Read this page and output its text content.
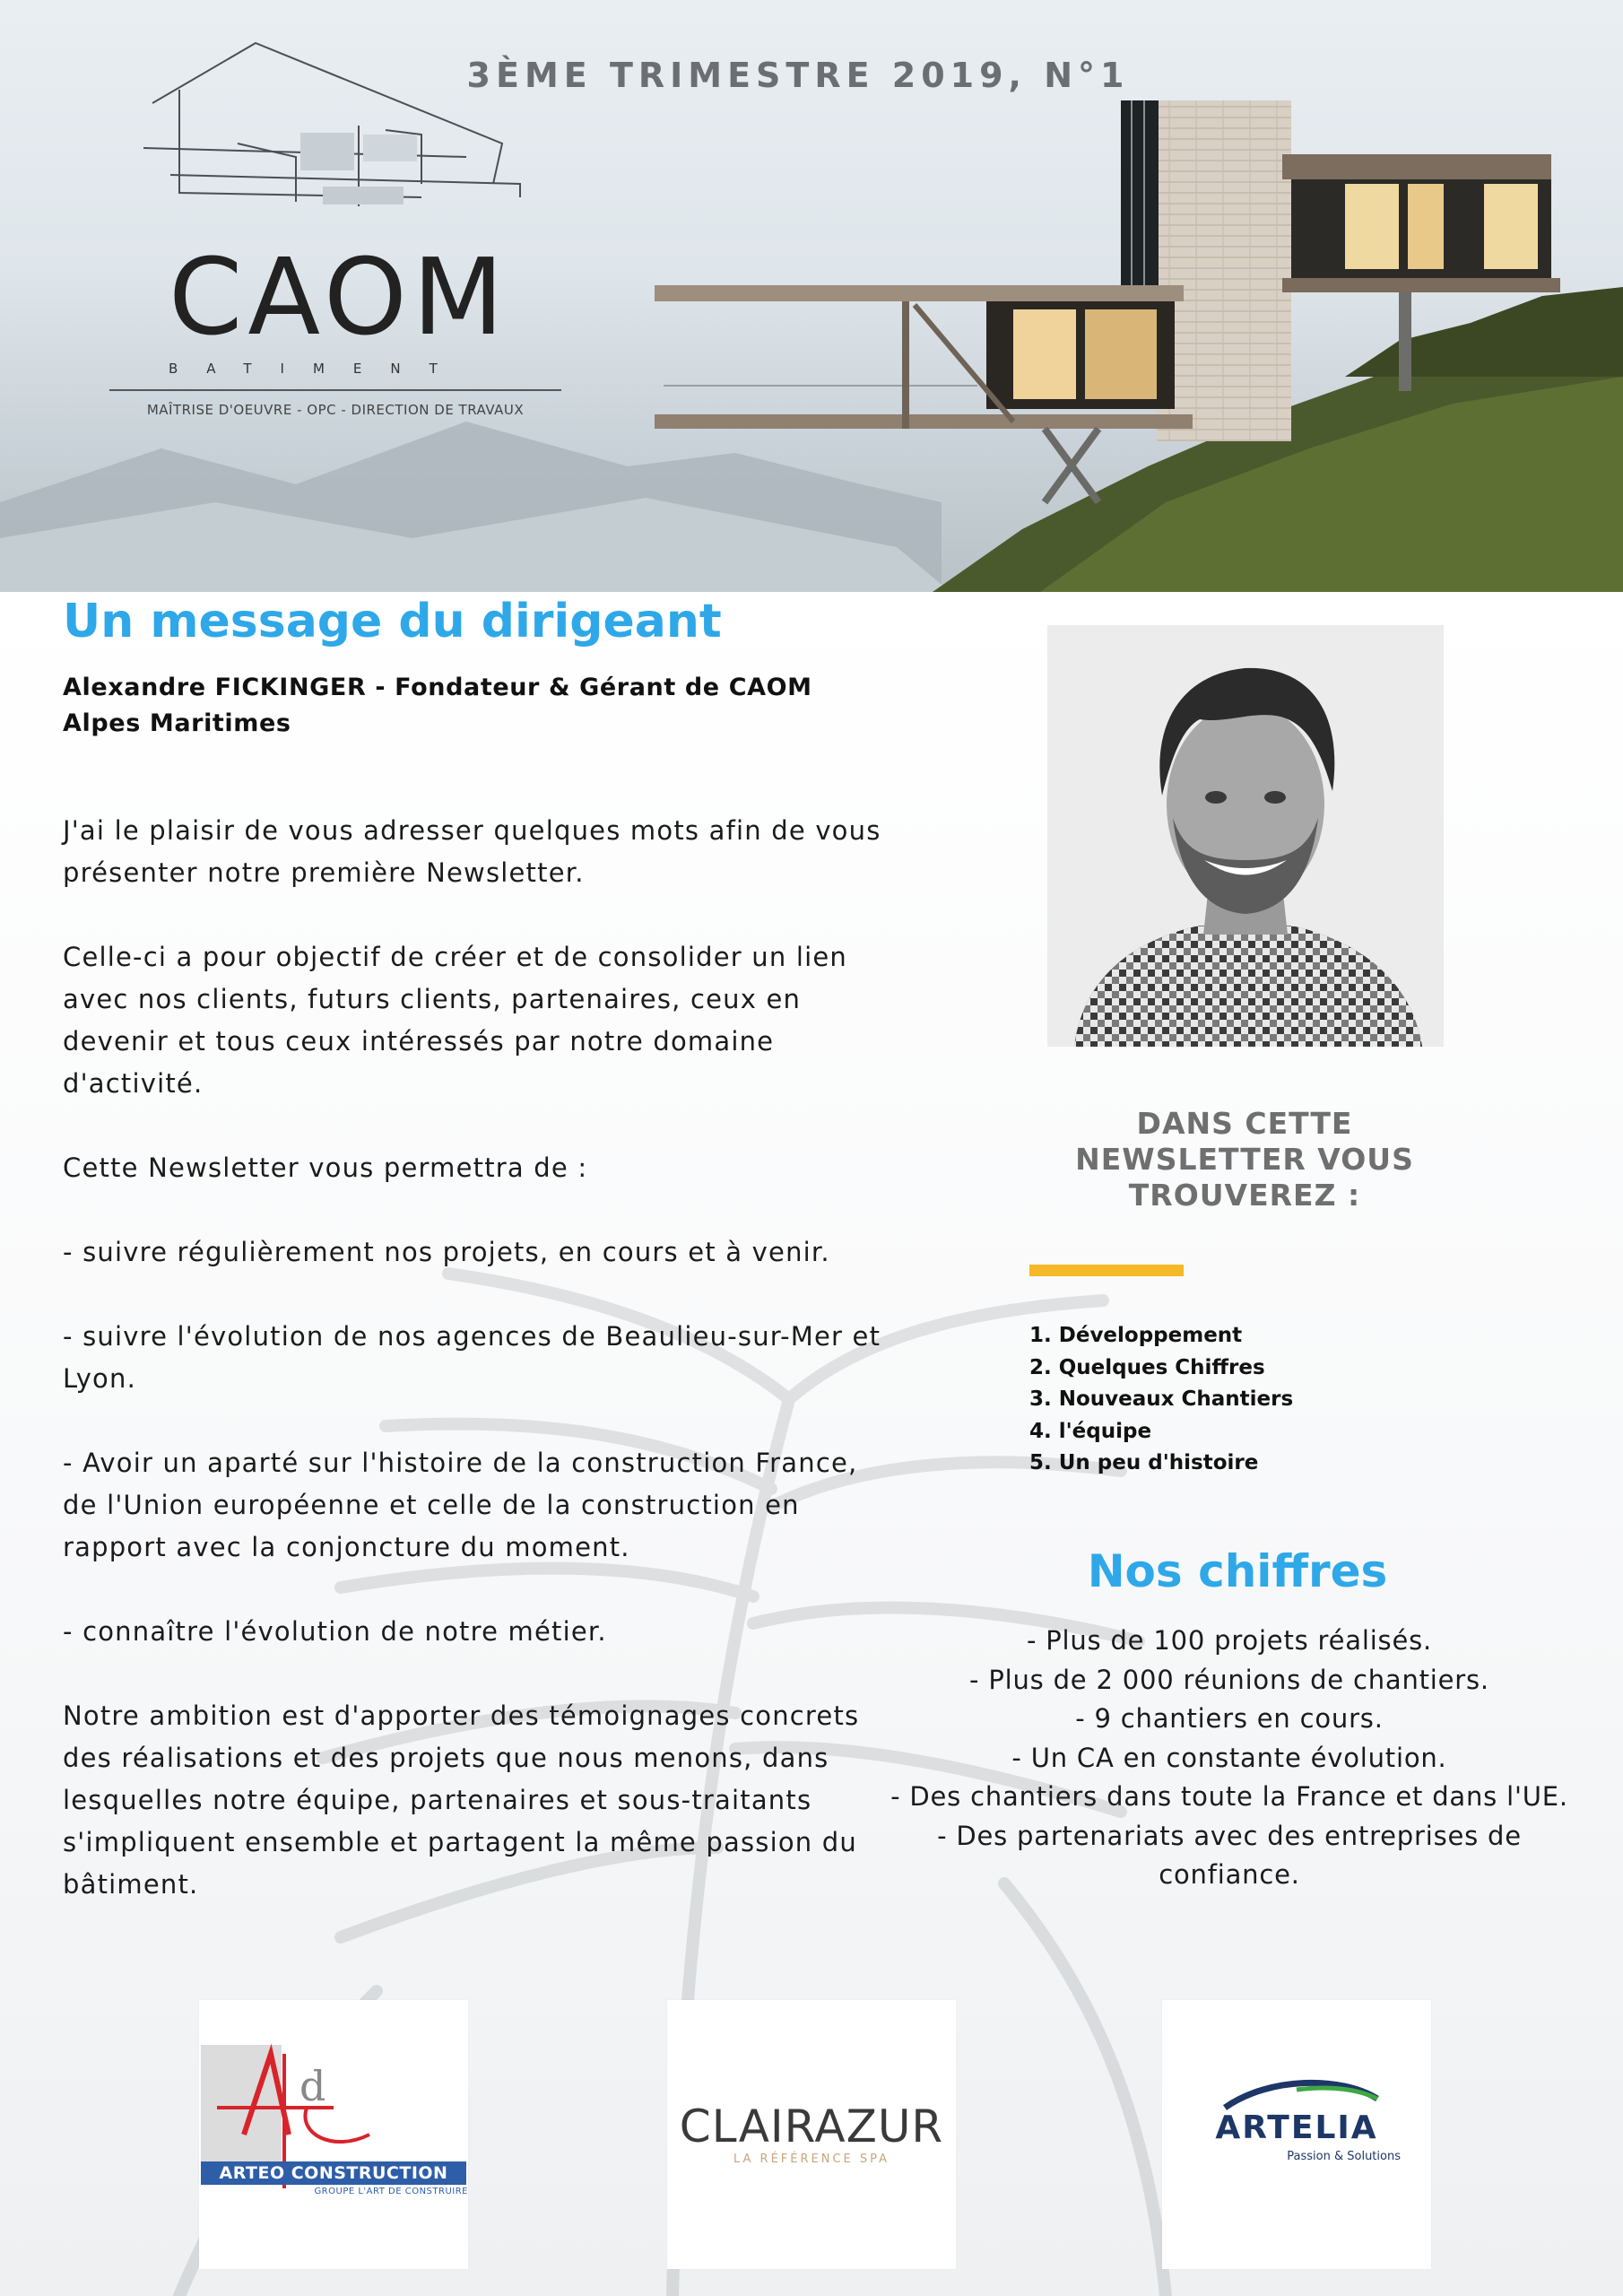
3ÈME TRIMESTRE 2019, N°1
CAOM
BATIMENT
MAÎTRISE D'OEUVRE - OPC - DIRECTION DE TRAVAUX
Un message du dirigeant
Alexandre FICKINGER - Fondateur & Gérant de CAOM
Alpes Maritimes

J'ai le plaisir de vous adresser quelques mots afin de vous présenter notre première Newsletter.

Celle-ci a pour objectif de créer et de consolider un lien avec nos clients, futurs clients, partenaires, ceux en devenir et tous ceux intéressés par notre domaine d'activité.

Cette Newsletter vous permettra de :

- suivre régulièrement nos projets, en cours et à venir.

- suivre l'évolution de nos agences de Beaulieu-sur-Mer et Lyon.

- Avoir un aparté sur l'histoire de la construction France, de l'Union européenne et celle de la construction en rapport avec la conjoncture du moment.

- connaître l'évolution de notre métier.

Notre ambition est d'apporter des témoignages concrets des réalisations et des projets que nous menons, dans lesquelles notre équipe, partenaires et sous-traitants s'impliquent ensemble et partagent la même passion du bâtiment.

DANS CETTE NEWSLETTER VOUS TROUVEREZ :
1. Développement
2. Quelques Chiffres
3. Nouveaux Chantiers
4. l'équipe
5. Un peu d'histoire
Nos chiffres
- Plus de 100 projets réalisés.
- Plus de 2 000 réunions de chantiers.
- 9 chantiers en cours.
- Un CA en constante évolution.
- Des chantiers dans toute la France et dans l'UE.
- Des partenariats avec des entreprises de confiance.
d
ARTEO CONSTRUCTION
GROUPE L'ART DE CONSTRUIRE
CLAIRAZUR
LA RÉFÉRENCE SPA
ARTELIA
Passion & Solutions
